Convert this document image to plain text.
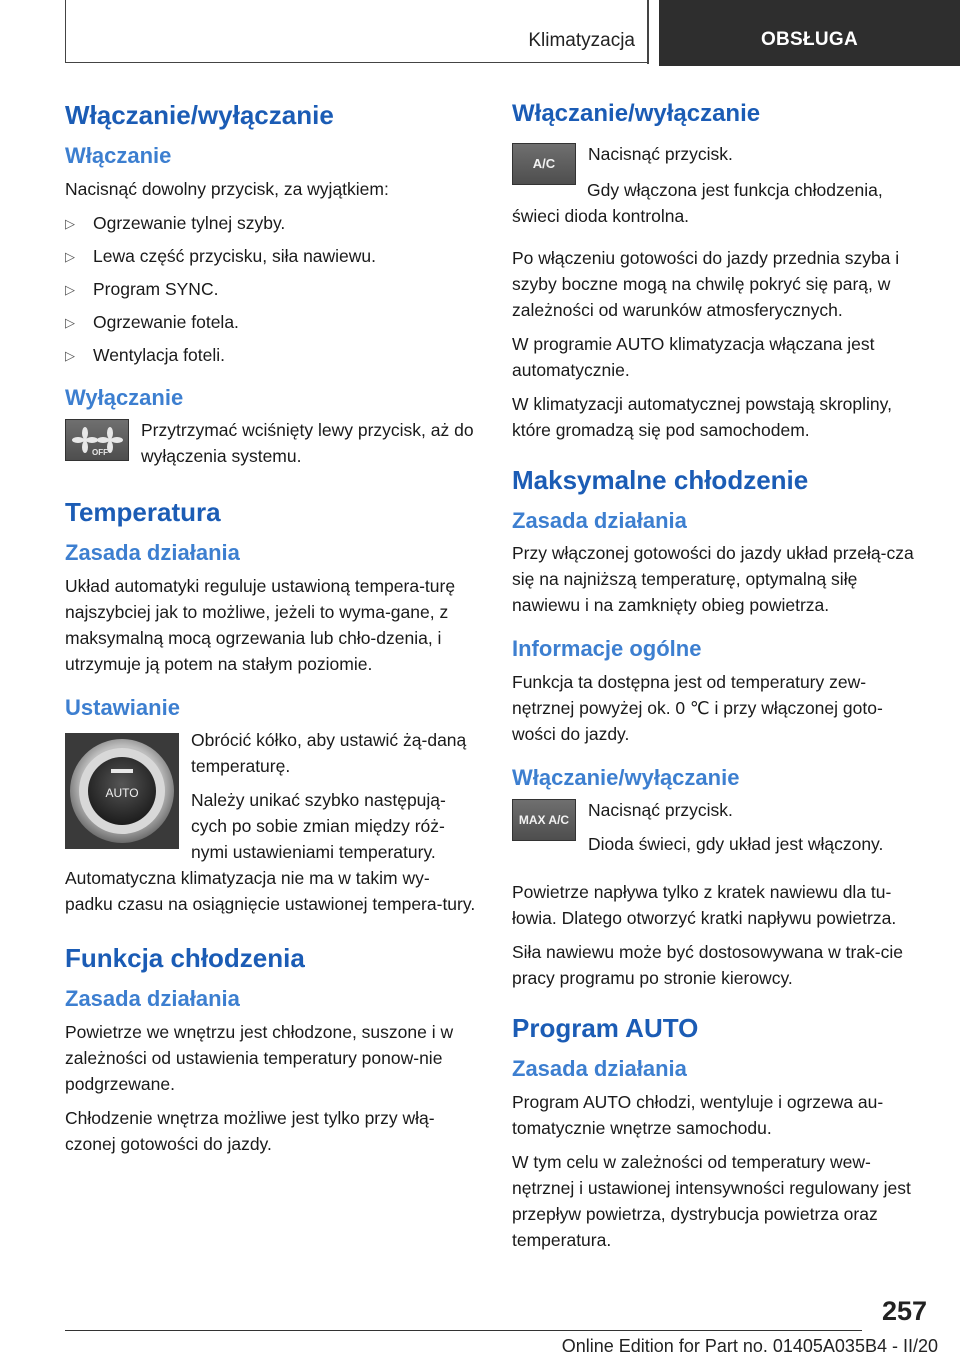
Klimatyzacja	OBSŁUGA
Włączanie/wyłączanie
Włączanie

Nacisnąć dowolny przycisk, za wyjątkiem:

▷	Ogrzewanie tylnej szyby.
▷	Lewa część przycisku, siła nawiewu.
▷	Program SYNC.
▷	Ogrzewanie fotela.
▷	Wentylacja foteli.
Wyłączanie
OFF

Przytrzymać wciśnięty lewy przycisk, aż do wyłączenia systemu.

Temperatura
Zasada działania

Układ automatyki reguluje ustawioną tempera‐turę najszybciej jak to możliwe, jeżeli to wyma‐gane, z maksymalną mocą ogrzewania lub chło‐dzenia, i utrzymuje ją potem na stałym poziomie.

Ustawianie
AUTO

Obrócić kółko, aby ustawić żą‐daną temperaturę.

Należy unikać szybko następują‐cych po sobie zmian między róż‐nymi ustawieniami temperatury.

Automatyczna klimatyzacja nie ma w takim wy‐padku czasu na osiągnięcie ustawionej tempera‐tury.

Funkcja chłodzenia
Zasada działania

Powietrze we wnętrzu jest chłodzone, suszone i w zależności od ustawienia temperatury ponow‐nie podgrzewane.

Chłodzenie wnętrza możliwe jest tylko przy włą‐czonej gotowości do jazdy.

Włączanie/wyłączanie
A/C	Nacisnąć przycisk.

Gdy włączona jest funkcja chłodzenia, świeci dioda kontrolna.

Po włączeniu gotowości do jazdy przednia szyba i szyby boczne mogą na chwilę pokryć się parą, w zależności od warunków atmosferycznych.

W programie AUTO klimatyzacja włączana jest automatycznie.

W klimatyzacji automatycznej powstają skropliny, które gromadzą się pod samochodem.

Maksymalne chłodzenie
Zasada działania

Przy włączonej gotowości do jazdy układ przełą‐cza się na najniższą temperaturę, optymalną siłę nawiewu i na zamknięty obieg powietrza.

Informacje ogólne

Funkcja ta dostępna jest od temperatury zew‐nętrznej powyżej ok. 0 ℃ i przy włączonej goto‐wości do jazdy.

Włączanie/wyłączanie
MAX A/C	Nacisnąć przycisk.

Dioda świeci, gdy układ jest włączony.

Powietrze napływa tylko z kratek nawiewu dla tu‐łowia. Dlatego otworzyć kratki napływu powietrza.

Siła nawiewu może być dostosowywana w trak‐cie pracy programu po stronie kierowcy.

Program AUTO
Zasada działania

Program AUTO chłodzi, wentyluje i ogrzewa au‐tomatycznie wnętrze samochodu.

W tym celu w zależności od temperatury wew‐nętrznej i ustawionej intensywności regulowany jest przepływ powietrza, dystrybucja powietrza oraz temperatura.

257
Online Edition for Part no. 01405A035B4 - II/20
